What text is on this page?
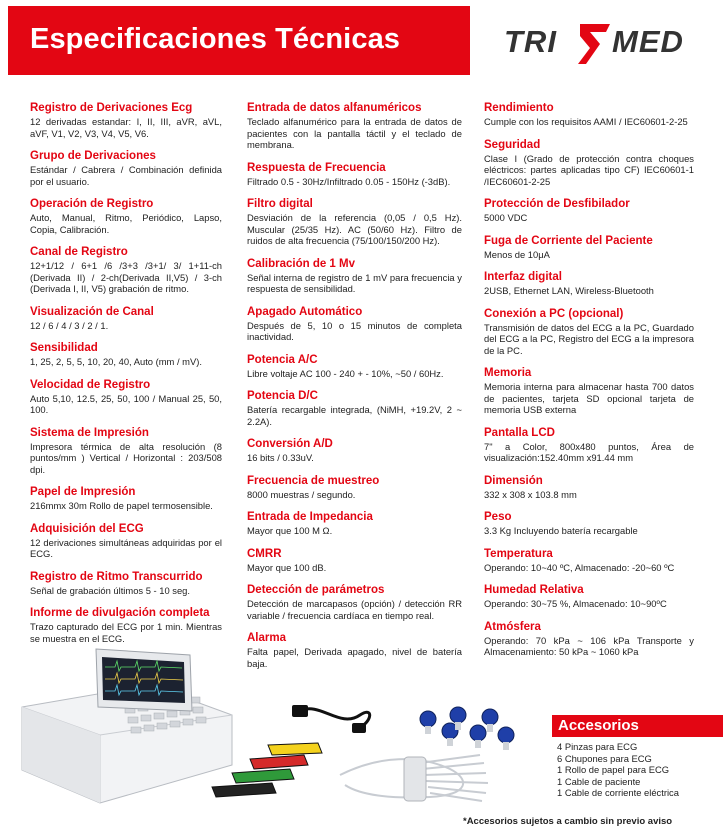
Especificaciones Técnicas	TRI MED
Registro de Derivaciones Ecg

12 derivadas estandar: I, II, III, aVR, aVL, aVF, V1, V2, V3, V4, V5, V6.

Grupo de Derivaciones

Estándar / Cabrera / Combinación definida por el usuario.

Operación de Registro

Auto, Manual, Ritmo, Periódico, Lapso, Copia, Calibración.

Canal de Registro

12+1/12 / 6+1 /6 /3+3 /3+1/ 3/ 1+11-ch (Derivada II) / 2-ch(Derivada II,V5) / 3-ch (Derivada I, II, V5) grabación de ritmo.

Visualización de Canal

12 / 6 / 4 / 3 / 2 / 1.

Sensibilidad

1, 25, 2, 5, 5, 10, 20, 40, Auto (mm / mV).

Velocidad de Registro

Auto 5,10, 12.5, 25, 50, 100 / Manual 25, 50, 100.

Sistema de Impresión

Impresora térmica de alta resolución (8 puntos/mm ) Vertical / Horizontal : 203/508 dpi.

Papel de Impresión

216mmx 30m Rollo de papel termosensible.

Adquisición del ECG

12 derivaciones simultáneas adquiridas por el ECG.

Registro de Ritmo Transcurrido

Señal de grabación últimos 5 - 10 seg.

Informe de divulgación completa

Trazo capturado del ECG por 1 min. Mientras se muestra en el ECG.

Entrada de datos alfanuméricos

Teclado alfanumérico para la entrada de datos de pacientes con la pantalla táctil y el teclado de membrana.

Respuesta de Frecuencia

Filtrado 0.5 - 30Hz/Infiltrado 0.05 - 150Hz (-3dB).

Filtro digital

Desviación de la referencia (0,05 / 0,5 Hz). Muscular (25/35 Hz). AC (50/60 Hz). Filtro de ruidos de alta frecuencia (75/100/150/200 Hz).

Calibración de 1 Mv

Señal interna de registro de 1 mV para frecuencia y respuesta de sensibilidad.

Apagado Automático

Después de 5, 10 o 15 minutos de completa inactividad.

Potencia A/C

Libre voltaje AC 100 - 240 + - 10%, ~50 / 60Hz.

Potencia D/C

Batería recargable integrada, (NiMH, +19.2V, 2 ~ 2.2A).

Conversión A/D

16 bits / 0.33uV.

Frecuencia de muestreo

8000 muestras / segundo.

Entrada de Impedancia

Mayor que 100 M Ω.

CMRR

Mayor que 100 dB.

Detección de parámetros

Detección de marcapasos (opción) / detección RR variable / frecuencia cardíaca en tiempo real.

Alarma

Falta papel, Derivada apagado, nivel de batería baja.

Rendimiento

Cumple con los requisitos AAMI / IEC60601-2-25

Seguridad

Clase I (Grado de protección contra choques eléctricos: partes aplicadas tipo CF) IEC60601-1 /IEC60601-2-25

Protección de Desfibilador

5000 VDC

Fuga de Corriente del Paciente

Menos de 10μA

Interfaz digital

2USB, Ethernet LAN, Wireless-Bluetooth

Conexión a PC (opcional)

Transmisión de datos del ECG a la PC, Guardado del ECG a la PC, Registro del ECG a la impresora de la PC.

Memoria

Memoria interna para almacenar hasta 700 datos de pacientes, tarjeta SD opcional tarjeta de memoria USB externa

Pantalla LCD

7" a Color, 800x480 puntos, Área de visualización:152.40mm x91.44 mm

Dimensión

332 x 308 x 103.8 mm

Peso

3.3 Kg Incluyendo batería recargable

Temperatura

Operando: 10~40 ºC, Almacenado: -20~60 ºC

Humedad Relativa

Operando: 30~75 %, Almacenado: 10~90ºC

Atmósfera

Operando: 70 kPa ~ 106 kPa Transporte y Almacenamiento: 50 kPa ~ 1060 kPa

Accesorios
4 Pinzas para ECG
6 Chupones para ECG
1 Rollo de papel para ECG
1 Cable de paciente
1 Cable de corriente eléctrica
*Accesorios sujetos a cambio sin previo aviso
